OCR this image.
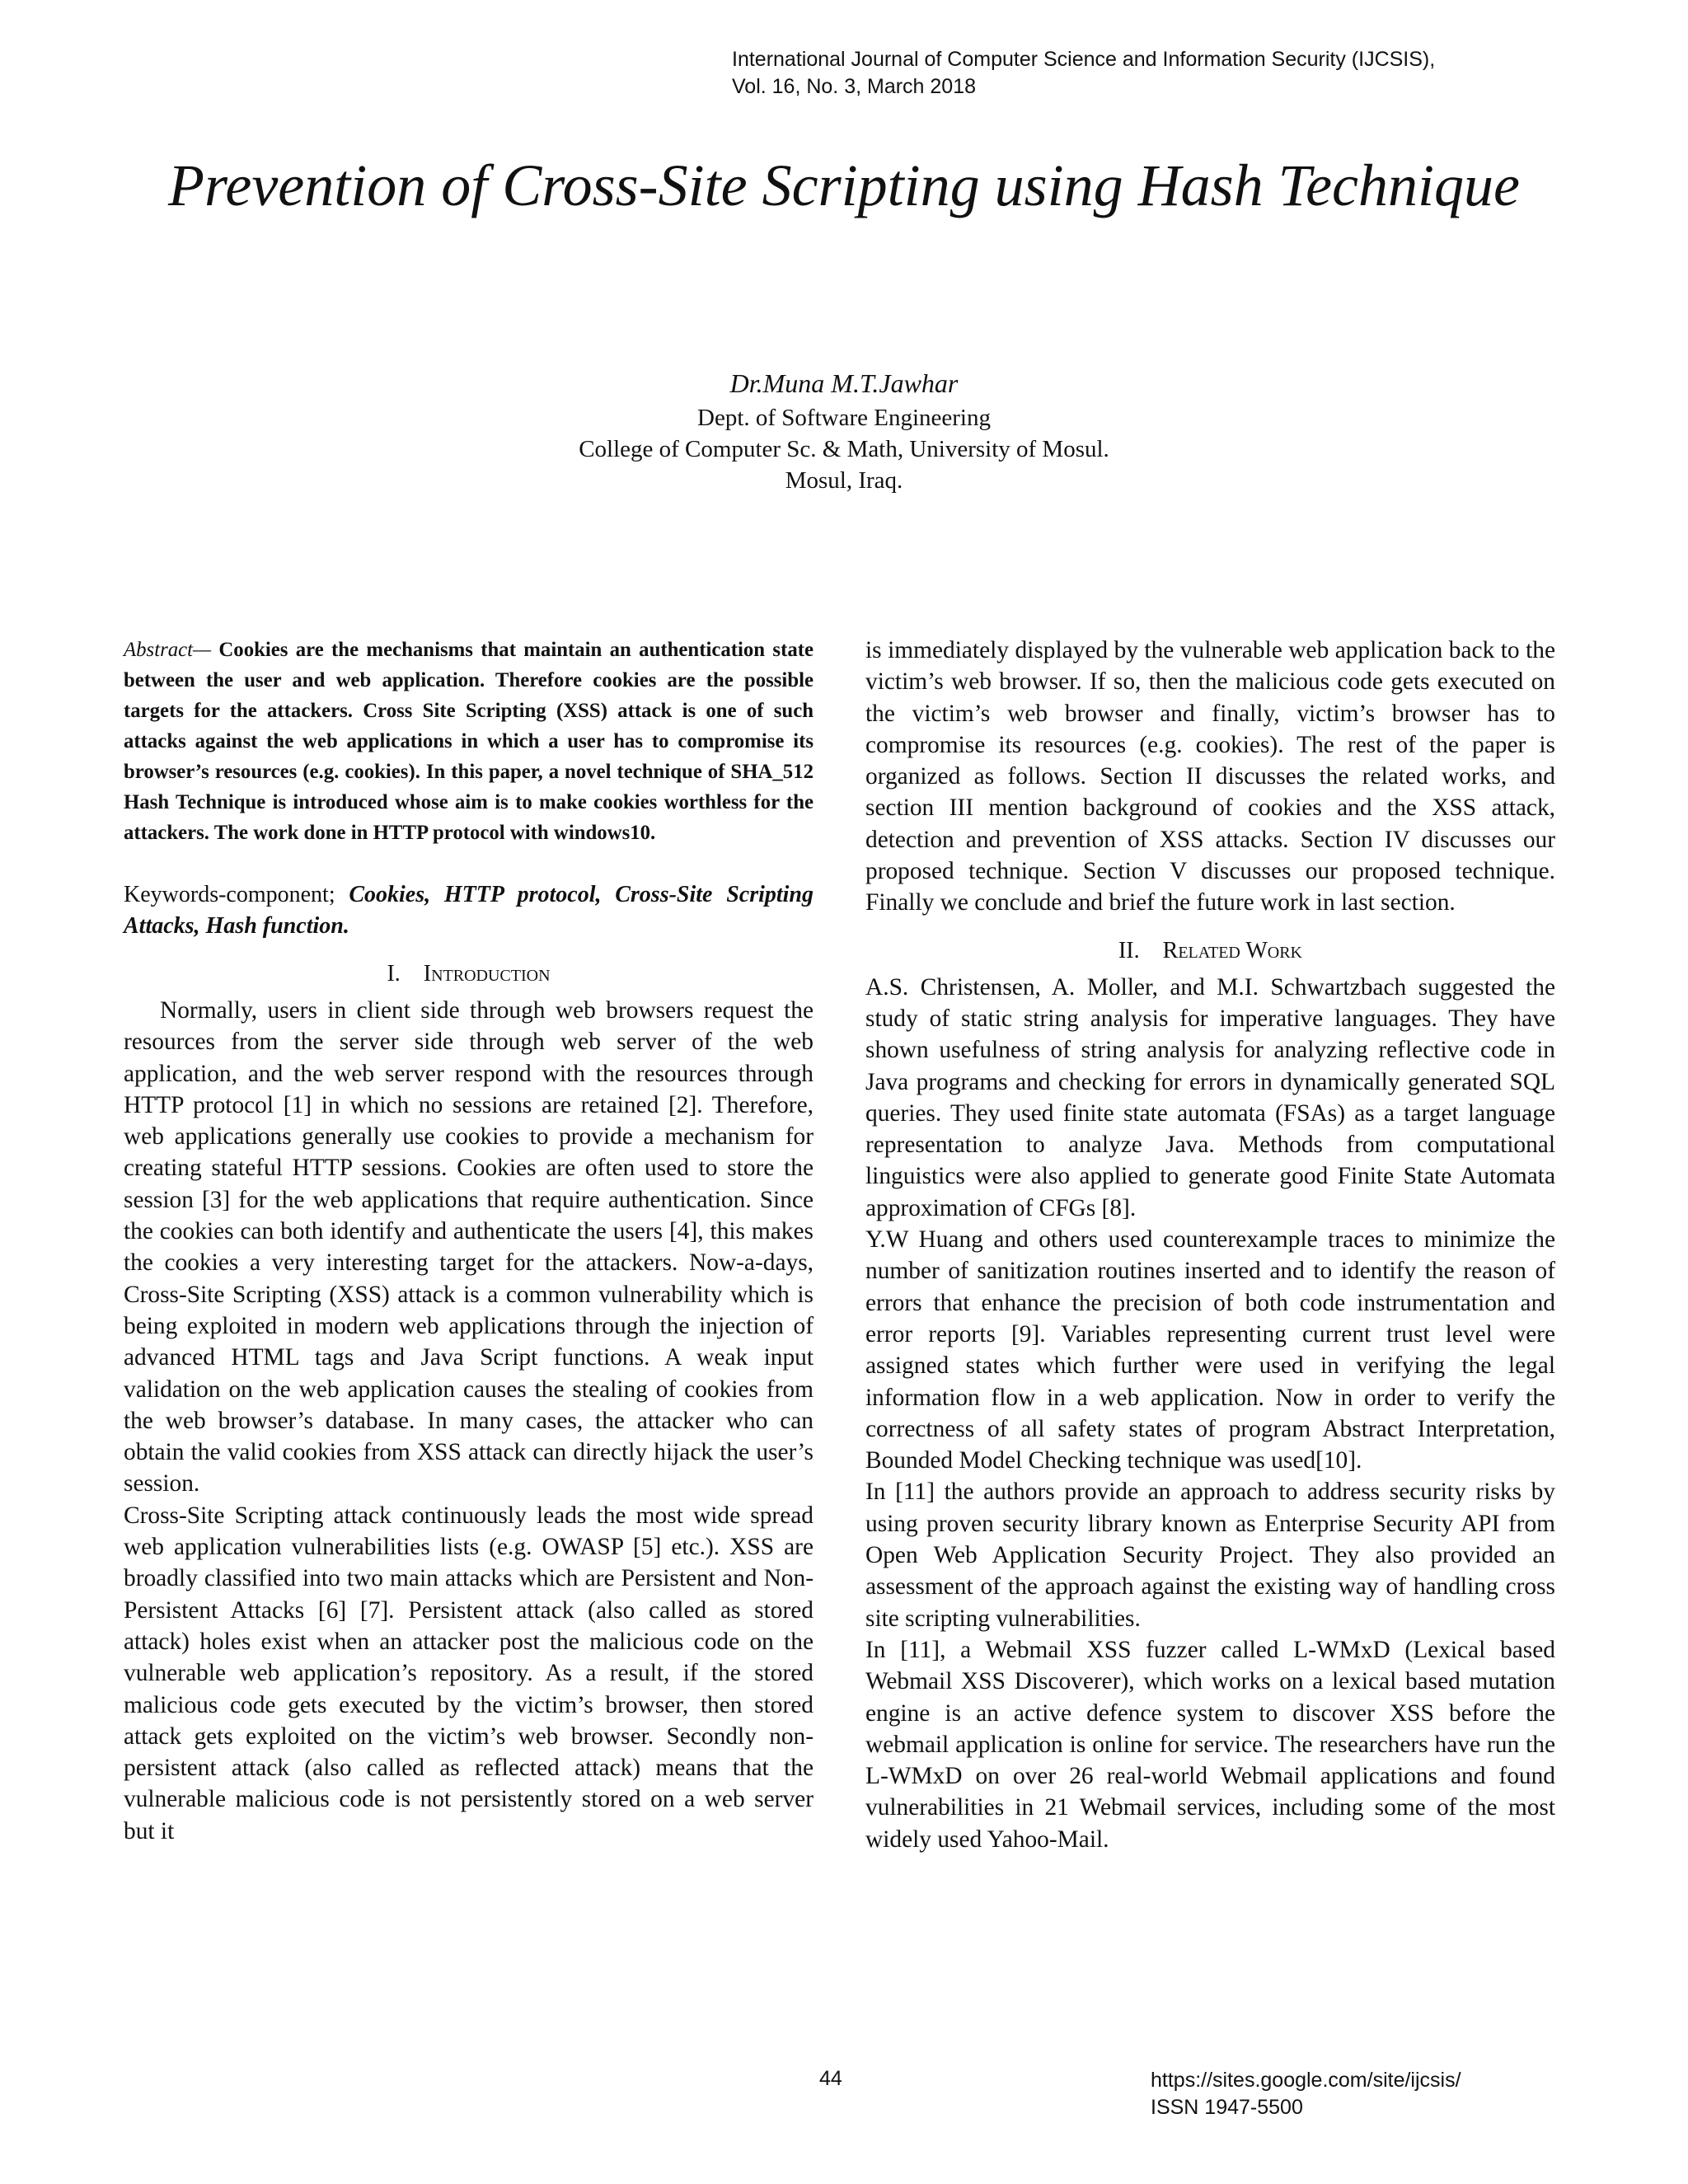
International Journal of Computer Science and Information Security (IJCSIS),
Vol. 16, No. 3, March 2018
Prevention of Cross-Site Scripting using Hash Technique
Dr.Muna M.T.Jawhar
Dept. of Software Engineering
College of Computer Sc. & Math, University of Mosul.
Mosul, Iraq.

Abstract— Cookies are the mechanisms that maintain an authentication state between the user and web application. Therefore cookies are the possible targets for the attackers. Cross Site Scripting (XSS) attack is one of such attacks against the web applications in which a user has to compromise its browser’s resources (e.g. cookies). In this paper, a novel technique of SHA_512 Hash Technique is introduced whose aim is to make cookies worthless for the attackers. The work done in HTTP protocol with windows10.

Keywords-component; Cookies, HTTP protocol, Cross-Site Scripting Attacks, Hash function.

I. Introduction

Normally, users in client side through web browsers request the resources from the server side through web server of the web application, and the web server respond with the resources through HTTP protocol [1] in which no sessions are retained [2]. Therefore, web applications generally use cookies to provide a mechanism for creating stateful HTTP sessions. Cookies are often used to store the session [3] for the web applications that require authentication. Since the cookies can both identify and authenticate the users [4], this makes the cookies a very interesting target for the attackers. Now-a-days, Cross-Site Scripting (XSS) attack is a common vulnerability which is being exploited in modern web applications through the injection of advanced HTML tags and Java Script functions. A weak input validation on the web application causes the stealing of cookies from the web browser’s database. In many cases, the attacker who can obtain the valid cookies from XSS attack can directly hijack the user’s session.

Cross-Site Scripting attack continuously leads the most wide spread web application vulnerabilities lists (e.g. OWASP [5] etc.). XSS are broadly classified into two main attacks which are Persistent and Non-Persistent Attacks [6] [7]. Persistent attack (also called as stored attack) holes exist when an attacker post the malicious code on the vulnerable web application’s repository. As a result, if the stored malicious code gets executed by the victim’s browser, then stored attack gets exploited on the victim’s web browser. Secondly non-persistent attack (also called as reflected attack) means that the vulnerable malicious code is not persistently stored on a web server but it

is immediately displayed by the vulnerable web application back to the victim’s web browser. If so, then the malicious code gets executed on the victim’s web browser and finally, victim’s browser has to compromise its resources (e.g. cookies). The rest of the paper is organized as follows. Section II discusses the related works, and section III mention background of cookies and the XSS attack, detection and prevention of XSS attacks. Section IV discusses our proposed technique. Section V discusses our proposed technique. Finally we conclude and brief the future work in last section.

II. Related Work

A.S. Christensen, A. Moller, and M.I. Schwartzbach suggested the study of static string analysis for imperative languages. They have shown usefulness of string analysis for analyzing reflective code in Java programs and checking for errors in dynamically generated SQL queries. They used finite state automata (FSAs) as a target language representation to analyze Java. Methods from computational linguistics were also applied to generate good Finite State Automata approximation of CFGs [8].

Y.W Huang and others used counterexample traces to minimize the number of sanitization routines inserted and to identify the reason of errors that enhance the precision of both code instrumentation and error reports [9]. Variables representing current trust level were assigned states which further were used in verifying the legal information flow in a web application. Now in order to verify the correctness of all safety states of program Abstract Interpretation, Bounded Model Checking technique was used[10].

In [11] the authors provide an approach to address security risks by using proven security library known as Enterprise Security API from Open Web Application Security Project. They also provided an assessment of the approach against the existing way of handling cross site scripting vulnerabilities.

In [11], a Webmail XSS fuzzer called L-WMxD (Lexical based Webmail XSS Discoverer), which works on a lexical based mutation engine is an active defence system to discover XSS before the webmail application is online for service. The researchers have run the L-WMxD on over 26 real-world Webmail applications and found vulnerabilities in 21 Webmail services, including some of the most widely used Yahoo-Mail.

44	https://sites.google.com/site/ijcsis/
ISSN 1947-5500
